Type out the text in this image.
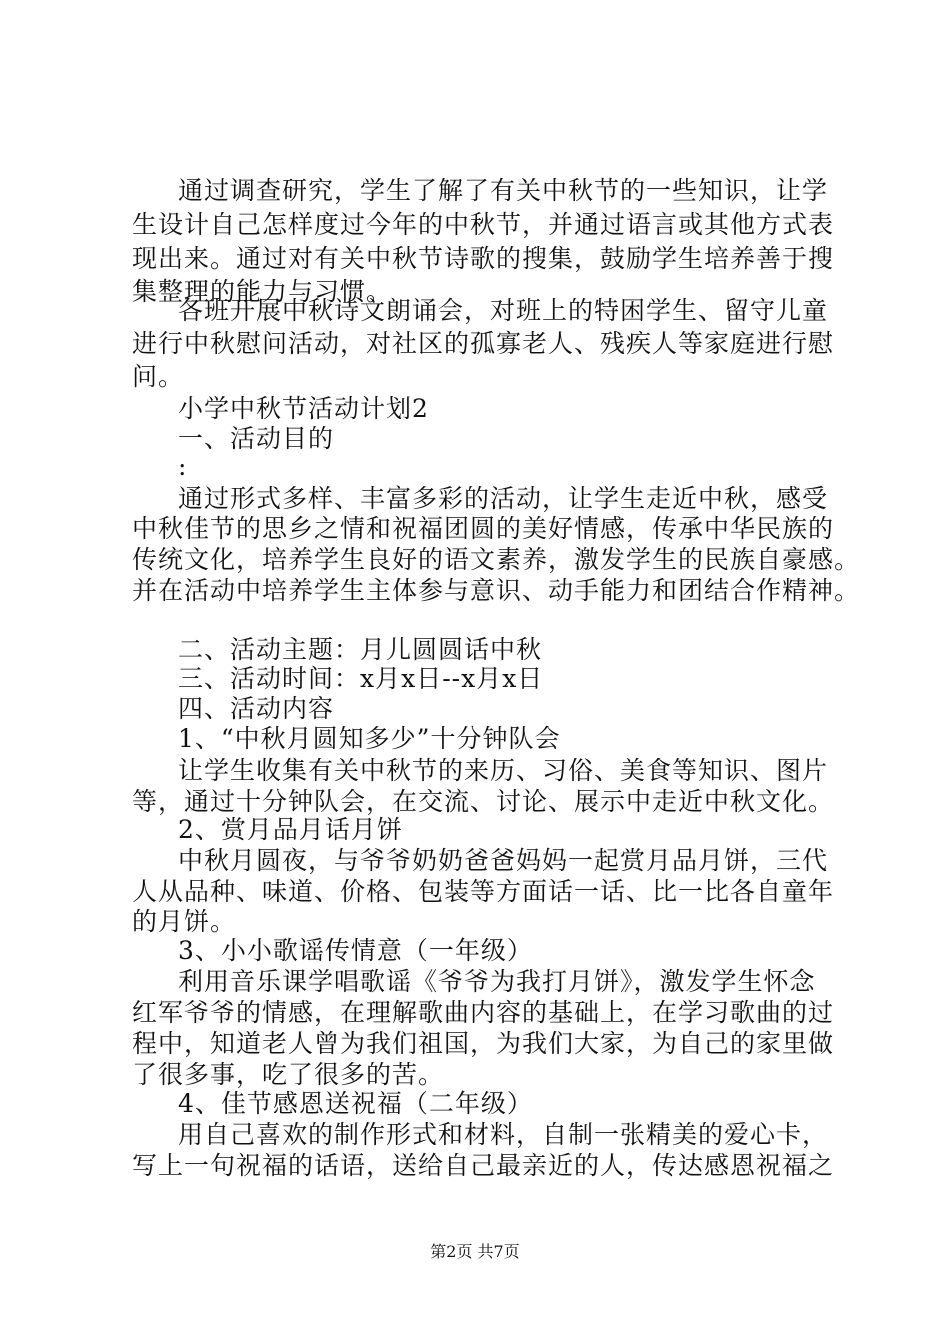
通过调查研究，学生了解了有关中秋节的一些知识，让学
生设计自己怎样度过今年的中秋节，并通过语言或其他方式表
现出来。通过对有关中秋节诗歌的搜集，鼓励学生培养善于搜
集整理的能力与习惯。
各班开展中秋诗文朗诵会，对班上的特困学生、留守儿童
进行中秋慰问活动，对社区的孤寡老人、残疾人等家庭进行慰
问。
小学中秋节活动计划2
一、活动目的
:
通过形式多样、丰富多彩的活动，让学生走近中秋，感受
中秋佳节的思乡之情和祝福团圆的美好情感，传承中华民族的
传统文化，培养学生良好的语文素养，激发学生的民族自豪感。
并在活动中培养学生主体参与意识、动手能力和团结合作精神。
二、活动主题：月儿圆圆话中秋
三、活动时间：x月x日--x月x日
四、活动内容
1、“中秋月圆知多少”十分钟队会
让学生收集有关中秋节的来历、习俗、美食等知识、图片
等，通过十分钟队会，在交流、讨论、展示中走近中秋文化。
2、赏月品月话月饼
中秋月圆夜，与爷爷奶奶爸爸妈妈一起赏月品月饼，三代
人从品种、味道、价格、包装等方面话一话、比一比各自童年
的月饼。
3、小小歌谣传情意（一年级）
利用音乐课学唱歌谣《爷爷为我打月饼》，激发学生怀念
红军爷爷的情感，在理解歌曲内容的基础上，在学习歌曲的过
程中，知道老人曾为我们祖国，为我们大家，为自己的家里做
了很多事，吃了很多的苦。
4、佳节感恩送祝福（二年级）
用自己喜欢的制作形式和材料，自制一张精美的爱心卡，
写上一句祝福的话语，送给自己最亲近的人，传达感恩祝福之
第2页 共7页
